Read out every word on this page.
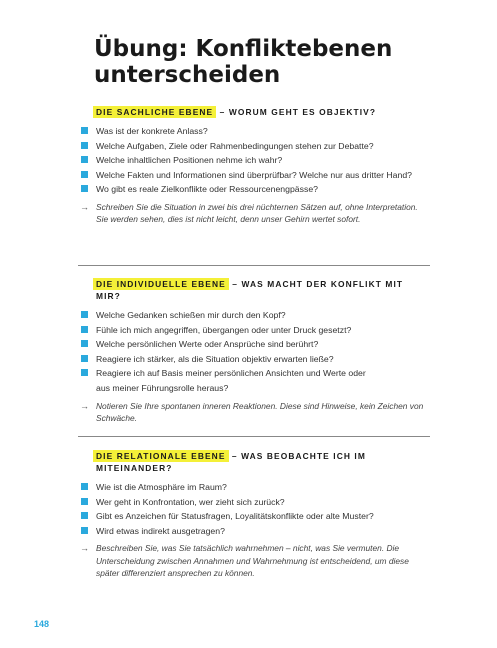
Übung: Konfliktebenen unterscheiden

DIE SACHLICHE EBENE – WORUM GEHT ES OBJEKTIV?

Was ist der konkrete Anlass?
Welche Aufgaben, Ziele oder Rahmenbedingungen stehen zur Debatte?
Welche inhaltlichen Positionen nehme ich wahr?
Welche Fakten und Informationen sind überprüfbar? Welche nur aus dritter Hand?
Wo gibt es reale Zielkonflikte oder Ressourcenengpässe?
→ Schreiben Sie die Situation in zwei bis drei nüchternen Sätzen auf, ohne Interpretation. Sie werden sehen, dies ist nicht leicht, denn unser Gehirn wertet sofort.

DIE INDIVIDUELLE EBENE – WAS MACHT DER KONFLIKT MIT MIR?

Welche Gedanken schießen mir durch den Kopf?
Fühle ich mich angegriffen, übergangen oder unter Druck gesetzt?
Welche persönlichen Werte oder Ansprüche sind berührt?
Reagiere ich stärker, als die Situation objektiv erwarten ließe?
Reagiere ich auf Basis meiner persönlichen Ansichten und Werte oder
aus meiner Führungsrolle heraus?
→ Notieren Sie Ihre spontanen inneren Reaktionen. Diese sind Hinweise, kein Zeichen von Schwäche.

DIE RELATIONALE EBENE – WAS BEOBACHTE ICH IM MITEINANDER?

Wie ist die Atmosphäre im Raum?
Wer geht in Konfrontation, wer zieht sich zurück?
Gibt es Anzeichen für Statusfragen, Loyalitätskonflikte oder alte Muster?
Wird etwas indirekt ausgetragen?
→ Beschreiben Sie, was Sie tatsächlich wahrnehmen – nicht, was Sie vermuten. Die Unterscheidung zwischen Annahmen und Wahrnehmung ist entscheidend, um diese später differenziert ansprechen zu können.
148
